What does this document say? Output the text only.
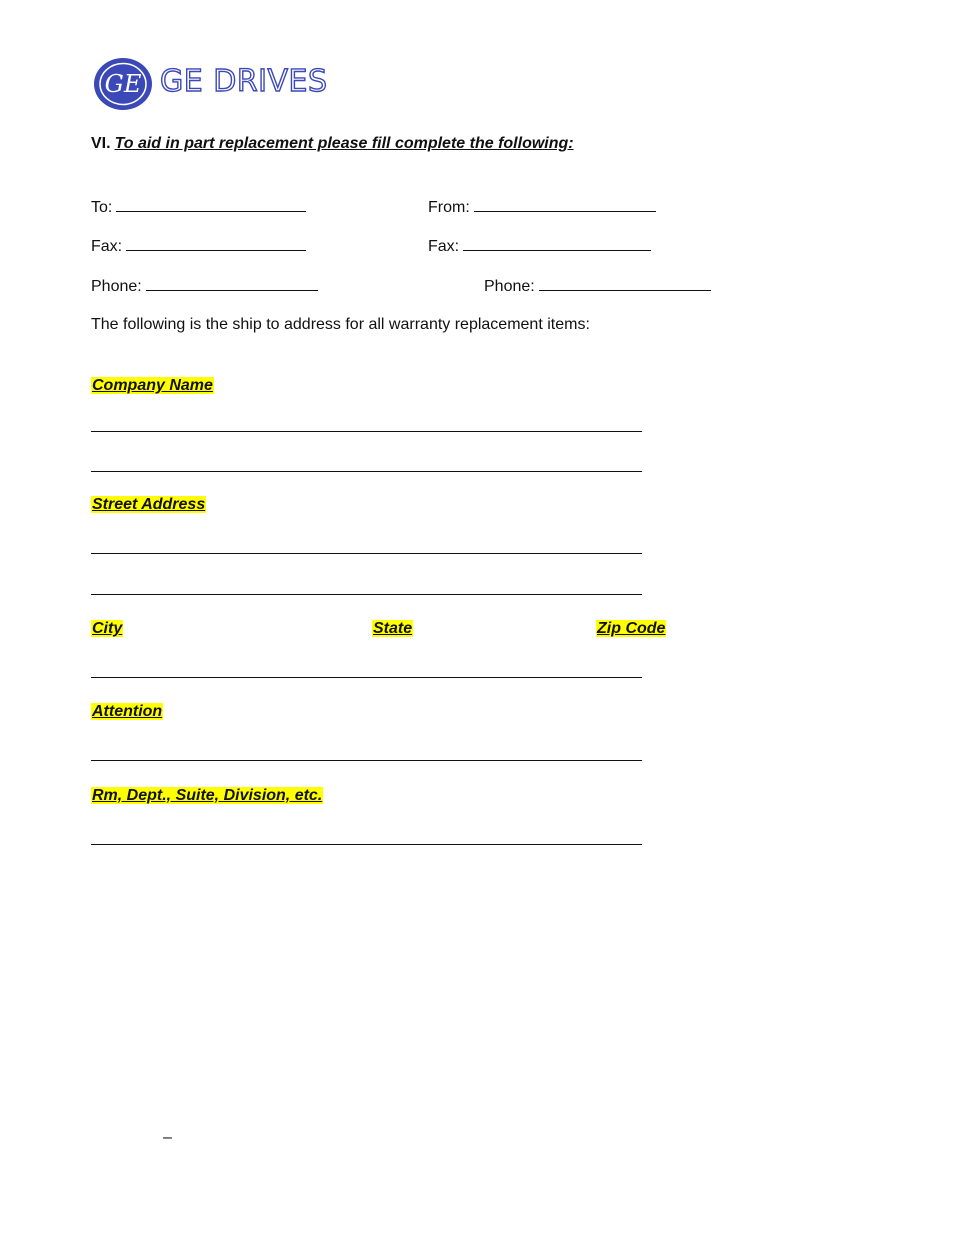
GE GE DRIVES
VI. To aid in part replacement please fill complete the following:
To:	From:
Fax:	Fax:
Phone:	Phone:
The following is the ship to address for all warranty replacement items:
Company Name
Street Address
City	State	Zip Code
Attention
Rm, Dept., Suite, Division, etc.
–
